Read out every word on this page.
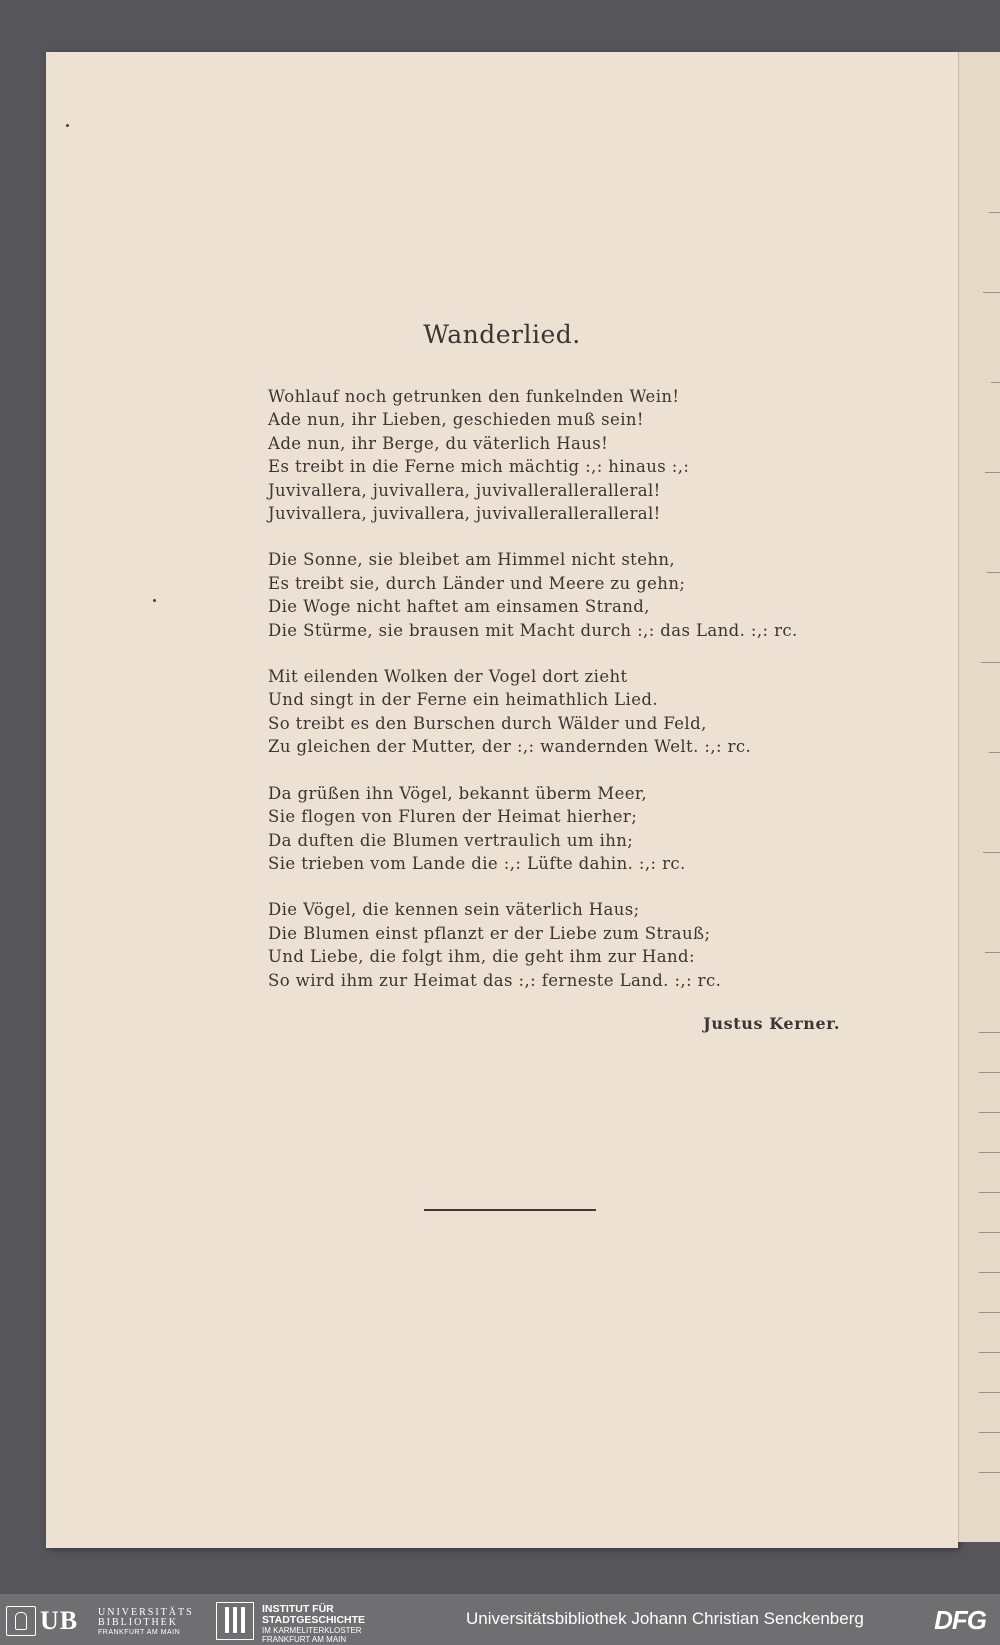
Wanderlied.
Wohlauf noch getrunken den funkelnden Wein!
Ade nun, ihr Lieben, geschieden muß sein!
Ade nun, ihr Berge, du väterlich Haus!
Es treibt in die Ferne mich mächtig :,: hinaus :,:
Juvivallera, juvivallera, juvivalleralleralleral!
Juvivallera, juvivallera, juvivalleralleralleral!
Die Sonne, sie bleibet am Himmel nicht stehn,
Es treibt sie, durch Länder und Meere zu gehn;
Die Woge nicht haftet am einsamen Strand,
Die Stürme, sie brausen mit Macht durch :,: das Land. :,: rc.
Mit eilenden Wolken der Vogel dort zieht
Und singt in der Ferne ein heimathlich Lied.
So treibt es den Burschen durch Wälder und Feld,
Zu gleichen der Mutter, der :,: wandernden Welt. :,: rc.
Da grüßen ihn Vögel, bekannt überm Meer,
Sie flogen von Fluren der Heimat hierher;
Da duften die Blumen vertraulich um ihn;
Sie trieben vom Lande die :,: Lüfte dahin. :,: rc.
Die Vögel, die kennen sein väterlich Haus;
Die Blumen einst pflanzt er der Liebe zum Strauß;
Und Liebe, die folgt ihm, die geht ihm zur Hand:
So wird ihm zur Heimat das :,: ferneste Land. :,: rc.
Justus Kerner.
UB UNIVERSITÄTS
BIBLIOTHEK
FRANKFURT AM MAIN
INSTITUT FÜR
STADTGESCHICHTE
IM KARMELITERKLOSTER
FRANKFURT AM MAIN
Universitätsbibliothek Johann Christian Senckenberg	DFG
